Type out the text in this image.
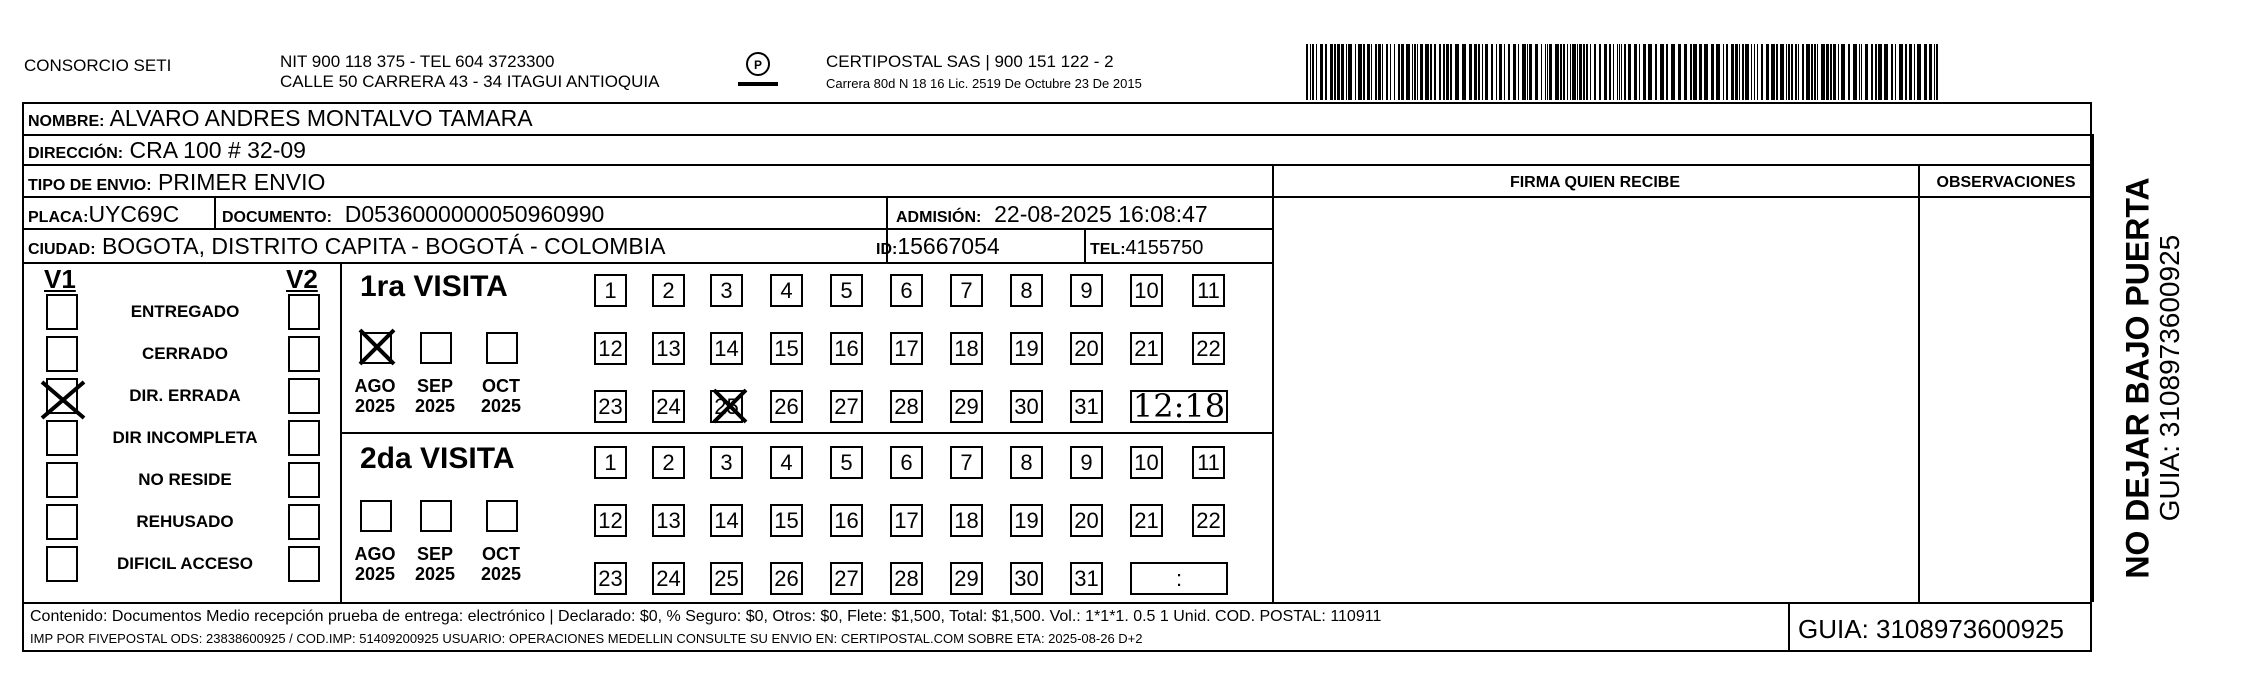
CONSORCIO SETI	NIT 900 118 375 - TEL 604 3723300
CALLE 50 CARRERA 43 - 34 ITAGUI ANTIOQUIA
P	CERTIPOSTAL SAS | 900 151 122 - 2
Carrera 80d N 18 16 Lic. 2519 De Octubre 23 De 2015
NOMBRE: ALVARO ANDRES MONTALVO TAMARA
DIRECCIÓN: CRA 100 # 32-09
TIPO DE ENVIO: PRIMER ENVIO	FIRMA QUIEN RECIBE	OBSERVACIONES
PLACA:UYC69C	DOCUMENTO: D0536000000050960990	ADMISIÓN: 22-08-2025 16:08:47
CIUDAD: BOGOTA, DISTRITO CAPITA - BOGOTÁ - COLOMBIA	ID:15667054	TEL:4155750
V1	V2
ENTREGADO
CERRADO
DIR. ERRADA
DIR INCOMPLETA
NO RESIDE
REHUSADO
DIFICIL ACCESO
1ra VISITA
2da VISITA
1	2	3	4	5	6	7	8	9	10 11
12 13 14 15 16 17 18 19 20 21 22
23 24 25 26 27 28 29 30 31 12:18
1	2	3	4	5	6	7	8	9	10 11
12 13 14 15 16 17 18 19 20 21 22
23 24 25 26 27 28 29 30 31	:
AGO
2025
SEP
2025
OCT
2025
AGO
2025
SEP
2025
OCT
2025
Contenido: Documentos Medio recepción prueba de entrega: electrónico | Declarado: $0, % Seguro: $0, Otros: $0, Flete: $1,500, Total: $1,500. Vol.: 1*1*1. 0.5 1 Unid. COD. POSTAL: 110911
IMP POR FIVEPOSTAL ODS: 23838600925 / COD.IMP: 51409200925 USUARIO: OPERACIONES MEDELLIN CONSULTE SU ENVIO EN: CERTIPOSTAL.COM SOBRE ETA: 2025-08-26 D+2	GUIA: 3108973600925
NO DEJAR BAJO PUERTA
GUIA: 3108973600925
